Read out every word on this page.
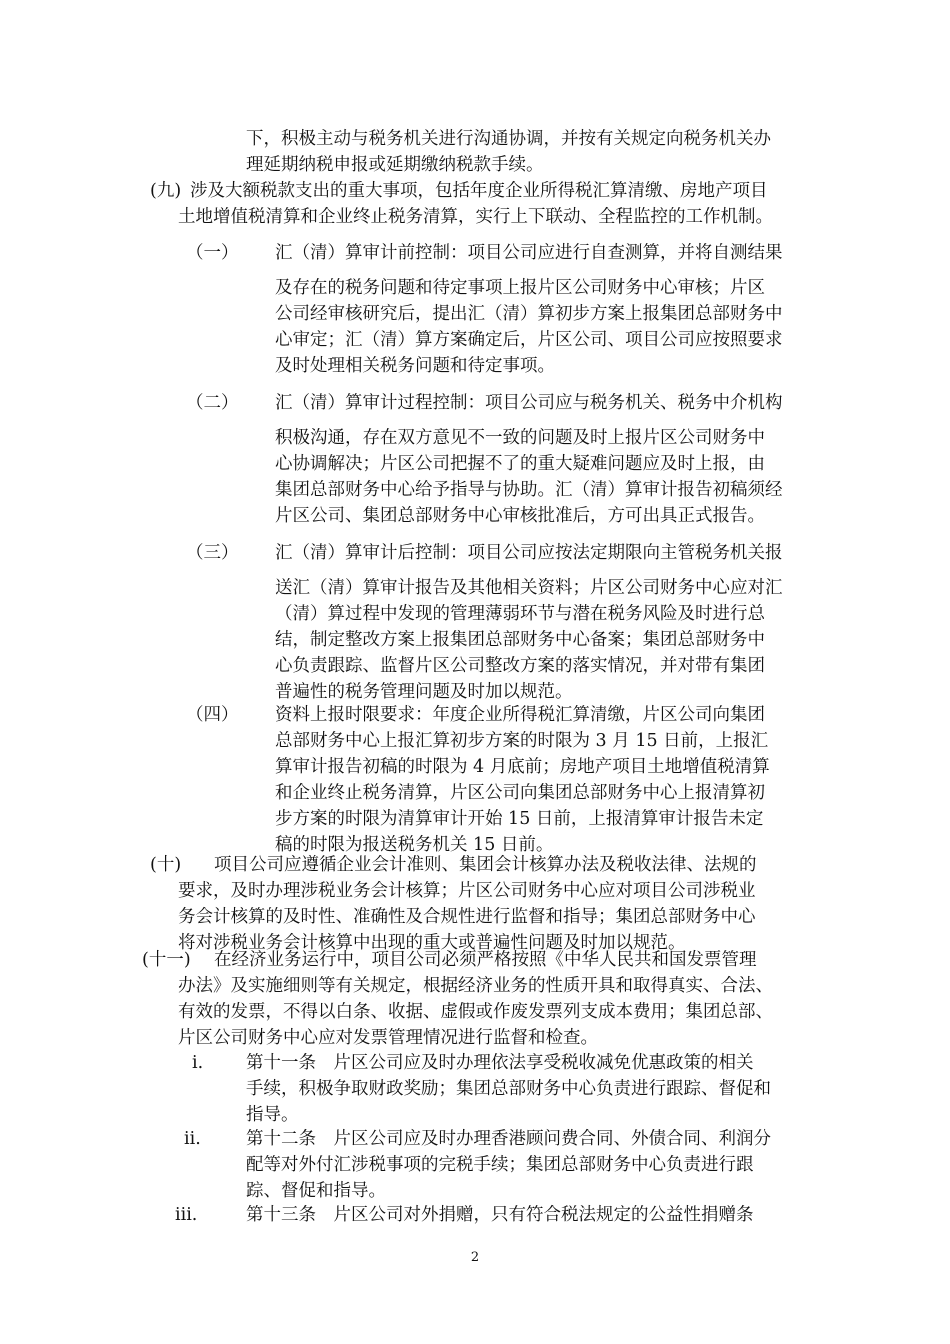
下，积极主动与税务机关进行沟通协调，并按有关规定向税务机关办
理延期纳税申报或延期缴纳税款手续。
(九) 涉及大额税款支出的重大事项，包括年度企业所得税汇算清缴、房地产项目
土地增值税清算和企业终止税务清算，实行上下联动、全程监控的工作机制。
（一） 汇（清）算审计前控制：项目公司应进行自查测算，并将自测结果
及存在的税务问题和待定事项上报片区公司财务中心审核；片区
公司经审核研究后，提出汇（清）算初步方案上报集团总部财务中
心审定；汇（清）算方案确定后，片区公司、项目公司应按照要求
及时处理相关税务问题和待定事项。
（二） 汇（清）算审计过程控制：项目公司应与税务机关、税务中介机构
积极沟通，存在双方意见不一致的问题及时上报片区公司财务中
心协调解决；片区公司把握不了的重大疑难问题应及时上报，由
集团总部财务中心给予指导与协助。汇（清）算审计报告初稿须经
片区公司、集团总部财务中心审核批准后，方可出具正式报告。
（三） 汇（清）算审计后控制：项目公司应按法定期限向主管税务机关报
送汇（清）算审计报告及其他相关资料；片区公司财务中心应对汇
（清）算过程中发现的管理薄弱环节与潜在税务风险及时进行总
结，制定整改方案上报集团总部财务中心备案；集团总部财务中
心负责跟踪、监督片区公司整改方案的落实情况，并对带有集团
普遍性的税务管理问题及时加以规范。
（四） 资料上报时限要求：年度企业所得税汇算清缴，片区公司向集团
总部财务中心上报汇算初步方案的时限为 3 月 15 日前，上报汇
算审计报告初稿的时限为 4 月底前；房地产项目土地增值税清算
和企业终止税务清算，片区公司向集团总部财务中心上报清算初
步方案的时限为清算审计开始 15 日前，上报清算审计报告未定
稿的时限为报送税务机关 15 日前。
(十) 项目公司应遵循企业会计准则、集团会计核算办法及税收法律、法规的
要求，及时办理涉税业务会计核算；片区公司财务中心应对项目公司涉税业
务会计核算的及时性、准确性及合规性进行监督和指导；集团总部财务中心
将对涉税业务会计核算中出现的重大或普遍性问题及时加以规范。
(十一) 在经济业务运行中，项目公司必须严格按照《中华人民共和国发票管理
办法》及实施细则等有关规定，根据经济业务的性质开具和取得真实、合法、
有效的发票，不得以白条、收据、虚假或作废发票列支成本费用；集团总部、
片区公司财务中心应对发票管理情况进行监督和检查。
i. 第十一条　片区公司应及时办理依法享受税收减免优惠政策的相关
手续，积极争取财政奖励；集团总部财务中心负责进行跟踪、督促和
指导。
ii.	第十二条　片区公司应及时办理香港顾问费合同、外债合同、利润分
配等对外付汇涉税事项的完税手续；集团总部财务中心负责进行跟
踪、督促和指导。
iii.	第十三条　片区公司对外捐赠，只有符合税法规定的公益性捐赠条
2
